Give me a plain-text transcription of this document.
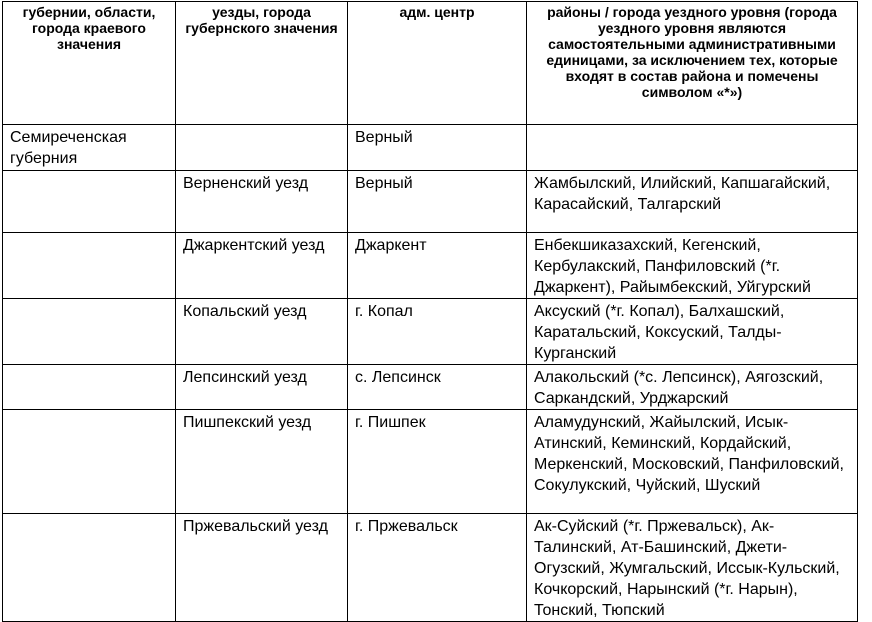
губернии, области, города краевого значения	уезды, города губернского значения	адм. центр	районы / города уездного уровня (города уездного уровня являются самостоятельными административными единицами, за исключением тех, которые входят в состав района и помечены символом «*»)
Семиреченская губерния		Верный	
	Верненский уезд	Верный	Жамбылский, Илийский, Капшагайский, Карасайский, Талгарский
	Джаркентский уезд	Джаркент	Енбекшиказахский, Кегенский, Кербулакский, Панфиловский (*г. Джаркент), Райымбекский, Уйгурский
	Копальский уезд	г. Копал	Аксуский (*г. Копал), Балхашский, Каратальский, Коксуский, Талды-Курганский
	Лепсинский уезд	с. Лепсинск	Алакольский (*с. Лепсинск), Аягозский, Саркандский, Урджарский
	Пишпекский уезд	г. Пишпек	Аламудунский, Жайылский, Исык-Атинский, Кеминский, Кордайский, Меркенский, Московский, Панфиловский, Сокулукский, Чуйский, Шуский
	Пржевальский уезд	г. Пржевальск	Ак-Суйский (*г. Пржевальск), Ак-Талинский, Ат-Башинский, Джети-Огузский, Жумгальский, Иссык-Кульский, Кочкорский, Нарынский (*г. Нарын), Тонский, Тюпский
